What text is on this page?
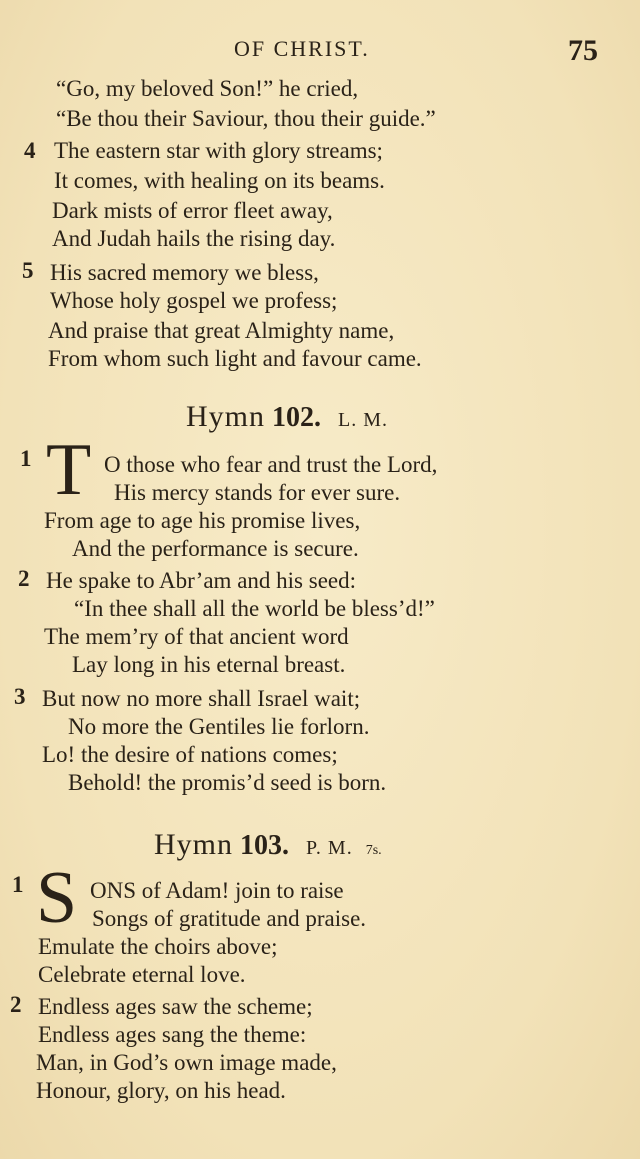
OF CHRIST.	75
“Go, my beloved Son!” he cried,
“Be thou their Saviour, thou their guide.”
4 The eastern star with glory streams;
It comes, with healing on its beams.
Dark mists of error fleet away,
And Judah hails the rising day.
5 His sacred memory we bless,
Whose holy gospel we profess;
And praise that great Almighty name,
From whom such light and favour came.
Hymn 102. L. M.
1 T O those who fear and trust the Lord,
His mercy stands for ever sure.
From age to age his promise lives,
And the performance is secure.
2 He spake to Abr’am and his seed:
“In thee shall all the world be bless’d!”
The mem’ry of that ancient word
Lay long in his eternal breast.
3 But now no more shall Israel wait;
No more the Gentiles lie forlorn.
Lo! the desire of nations comes;
Behold! the promis’d seed is born.
Hymn 103. P. M. 7s.
1 S ONS of Adam! join to raise
Songs of gratitude and praise.
Emulate the choirs above;
Celebrate eternal love.
2 Endless ages saw the scheme;
Endless ages sang the theme:
Man, in God’s own image made,
Honour, glory, on his head.
